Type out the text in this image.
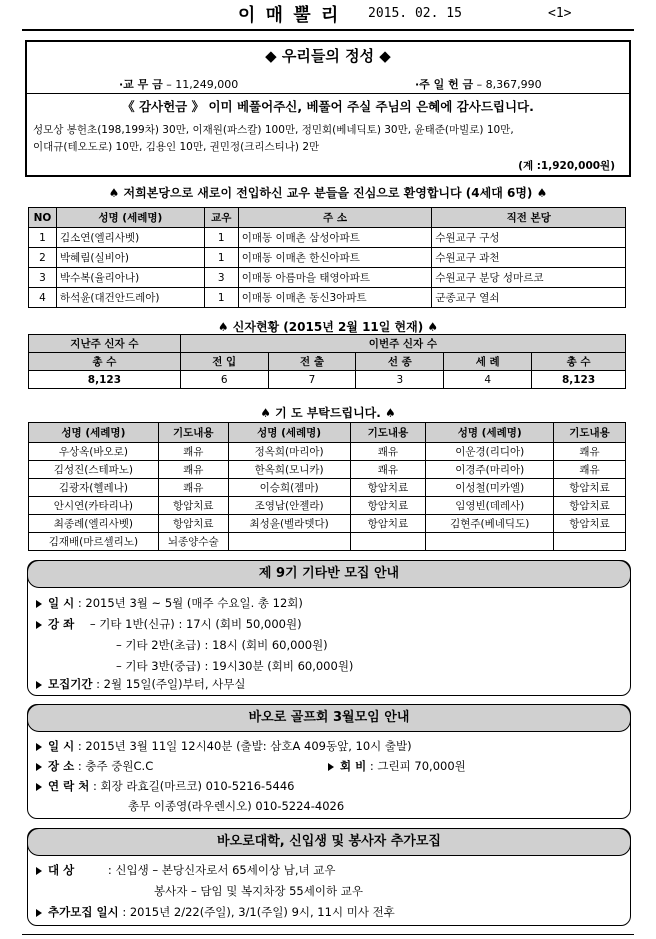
이 매 뿔 리 2015. 02. 15	<1>
◆ 우리들의 정성 ◆
·교 무 금 – 11,249,000	·주 일 헌 금 – 8,367,990
《 감사헌금 》 이미 베풀어주신, 베풀어 주실 주님의 은혜에 감사드립니다.
성모상 봉헌초(198,199차) 30만, 이재원(파스칼) 100만, 정민회(베네딕토) 30만, 윤태준(마빌로) 10만,
이대규(테오도로) 10만, 김용인 10만, 권민정(크리스티나) 2만
(계 :1,920,000원)
♠ 저희본당으로 새로이 전입하신 교우 분들을 진심으로 환영합니다 (4세대 6명) ♠
NO	성명 (세례명)	교우	주 소	직전 본당
1	김소연(엘리사벳)	1	이매동 이매촌 삼성아파트	수원교구 구성
2	박혜림(실비아)	1	이매동 이매촌 한신아파트	수원교구 과천
3	박수복(율리아나)	3	이매동 아름마을 태영아파트	수원교구 분당 성마르코
4	하석윤(대건안드레아)	1	이매동 이매촌 동신3아파트	군종교구 열쇠
♠ 신자현황 (2015년 2월 11일 현재) ♠
지난주 신자 수	이번주 신자 수				
총 수	전 입	전 출	선 종	세 례	총 수
8,123	6	7	3	4	8,123
♠ 기 도 부탁드립니다. ♠
성명 (세례명)	기도내용	성명 (세례명)	기도내용	성명 (세례명)	기도내용
우상옥(바오로)	쾌유	정옥희(마리아)	쾌유	이운경(리디아)	쾌유
김성진(스테파노)	쾌유	한옥희(모니카)	쾌유	이경주(마리아)	쾌유
김광자(헬레나)	쾌유	이승희(젬마)	항암치료	이성철(미카엘)	항암치료
안시연(카타리나)	항암치료	조영남(안젤라)	항암치료	임영빈(데레사)	항암치료
최종례(엘리사벳)	항암치료	최성윤(벨라뎃다)	항암치료	김현주(베네딕도)	항암치료
김재배(마르셀리노)	뇌종양수술				
제 9기 기타반 모집 안내
일 시 : 2015년 3월 ~ 5월 (매주 수요일. 총 12회)
강 좌 – 기타 1반(신규) : 17시 (회비 50,000원)
– 기타 2반(초급) : 18시 (회비 60,000원)
– 기타 3반(중급) : 19시30분 (회비 60,000원)
모집기간 : 2월 15일(주일)부터, 사무실
바오로 골프회 3월모임 안내
일 시 : 2015년 3월 11일 12시40분 (출발: 삼호A 409동앞, 10시 출발)
장 소 : 충주 중원C.C	회 비 : 그린피 70,000원
연 락 처 : 회장 라효길(마르코) 010-5216-5446
총무 이종영(라우렌시오) 010-5224-4026
바오로대학, 신입생 및 봉사자 추가모집
대 상	: 신입생 – 본당신자로서 65세이상 남,녀 교우
봉사자 – 담임 및 복지차장 55세이하 교우
추가모집 일시 : 2015년 2/22(주일), 3/1(주일) 9시, 11시 미사 전후
